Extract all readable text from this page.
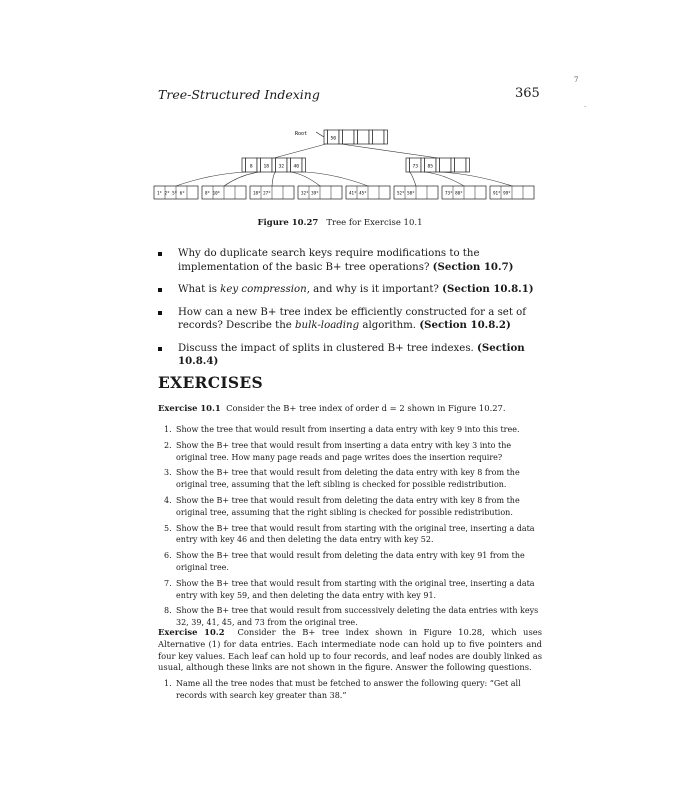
Tree-Structured Indexing	365
7
.
Root
50
8 18 32 40	73 85
1* 2* 5* 6*	8* 10*	18* 27*	32* 39*	41* 45*	52* 58*	73* 80*	91* 99*
Figure 10.27 Tree for Exercise 10.1
Why do duplicate search keys require modifications to the implementation of the basic B+ tree operations? (Section 10.7)
What is key compression, and why is it important? (Section 10.8.1)
How can a new B+ tree index be efficiently constructed for a set of records? Describe the bulk-loading algorithm. (Section 10.8.2)
Discuss the impact of splits in clustered B+ tree indexes. (Section 10.8.4)
EXERCISES
Exercise 10.1 Consider the B+ tree index of order d = 2 shown in Figure 10.27.
1. Show the tree that would result from inserting a data entry with key 9 into this tree.
2. Show the B+ tree that would result from inserting a data entry with key 3 into the original tree. How many page reads and page writes does the insertion require?
3. Show the B+ tree that would result from deleting the data entry with key 8 from the original tree, assuming that the left sibling is checked for possible redistribution.
4. Show the B+ tree that would result from deleting the data entry with key 8 from the original tree, assuming that the right sibling is checked for possible redistribution.
5. Show the B+ tree that would result from starting with the original tree, inserting a data entry with key 46 and then deleting the data entry with key 52.
6. Show the B+ tree that would result from deleting the data entry with key 91 from the original tree.
7. Show the B+ tree that would result from starting with the original tree, inserting a data entry with key 59, and then deleting the data entry with key 91.
8. Show the B+ tree that would result from successively deleting the data entries with keys 32, 39, 41, 45, and 73 from the original tree.
Exercise 10.2 Consider the B+ tree index shown in Figure 10.28, which uses Alternative (1) for data entries. Each intermediate node can hold up to five pointers and four key values. Each leaf can hold up to four records, and leaf nodes are doubly linked as usual, although these links are not shown in the figure. Answer the following questions.
1. Name all the tree nodes that must be fetched to answer the following query: “Get all records with search key greater than 38.”
